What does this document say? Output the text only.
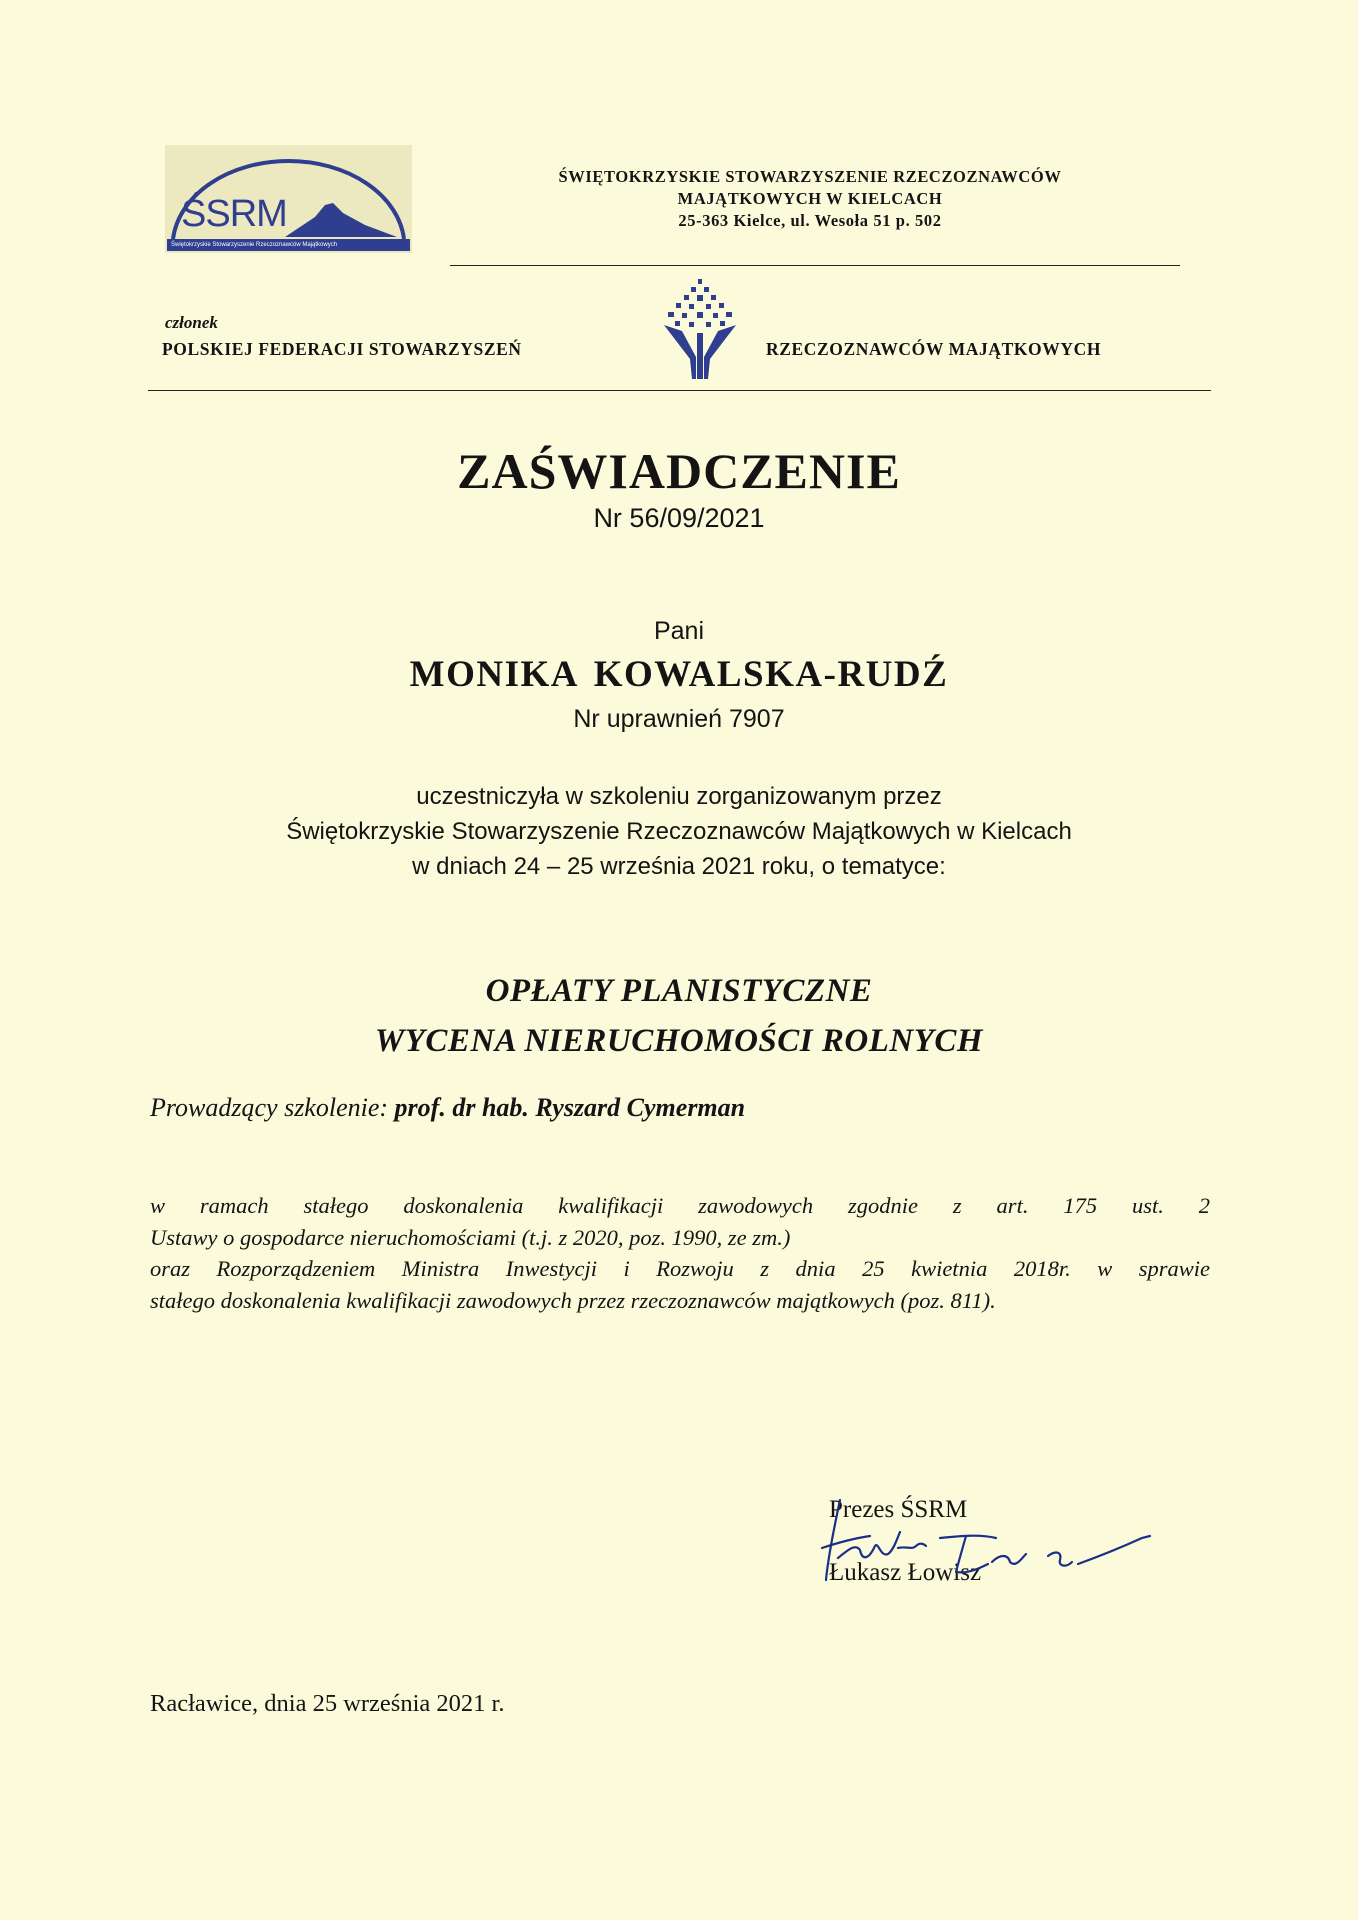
ŚSRM
Świętokrzyskie Stowarzyszenie Rzeczoznawców Majątkowych
ŚWIĘTOKRZYSKIE STOWARZYSZENIE RZECZOZNAWCÓW
MAJĄTKOWYCH W KIELCACH
25-363 Kielce, ul. Wesoła 51 p. 502
członek
POLSKIEJ FEDERACJI STOWARZYSZEŃ	RZECZOZNAWCÓW MAJĄTKOWYCH
ZAŚWIADCZENIE
Nr 56/09/2021
Pani
MONIKA KOWALSKA-RUDŹ
Nr uprawnień 7907
uczestniczyła w szkoleniu zorganizowanym przez
Świętokrzyskie Stowarzyszenie Rzeczoznawców Majątkowych w Kielcach
w dniach 24 – 25 września 2021 roku, o tematyce:
OPŁATY PLANISTYCZNE
WYCENA NIERUCHOMOŚCI ROLNYCH
Prowadzący szkolenie: prof. dr hab. Ryszard Cymerman
w ramach stałego doskonalenia kwalifikacji zawodowych zgodnie z art. 175 ust. 2
Ustawy o gospodarce nieruchomościami (t.j. z 2020, poz. 1990, ze zm.)
oraz Rozporządzeniem Ministra Inwestycji i Rozwoju z dnia 25 kwietnia 2018r. w sprawie
stałego doskonalenia kwalifikacji zawodowych przez rzeczoznawców majątkowych (poz. 811).
Prezes ŚSRM
Łukasz Łowisz
Racławice, dnia 25 września 2021 r.
